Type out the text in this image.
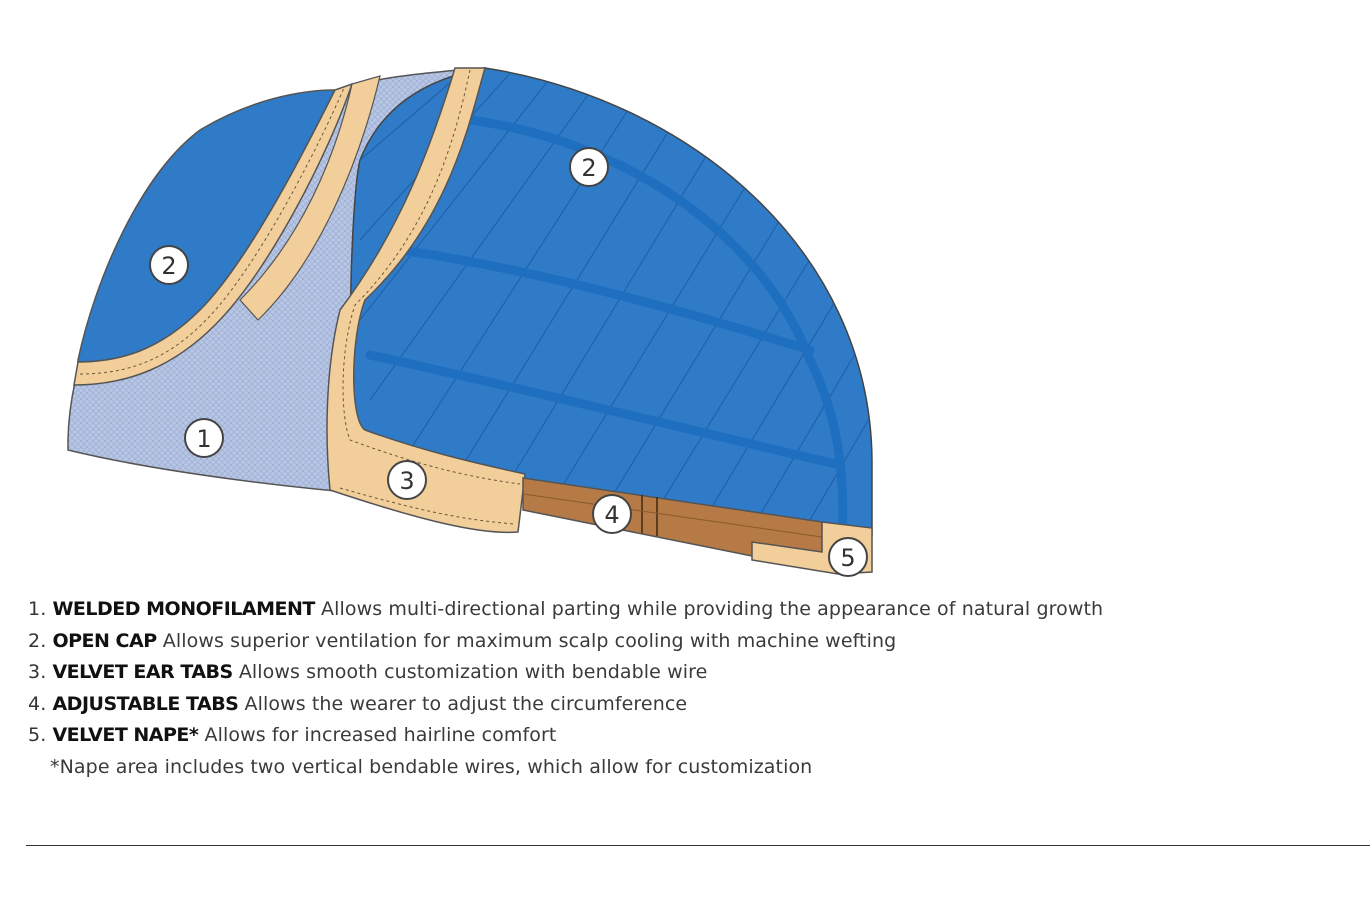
1
2
2
3
4
5
1. WELDED MONOFILAMENT Allows multi-directional parting while providing the appearance of natural growth
2. OPEN CAP Allows superior ventilation for maximum scalp cooling with machine wefting
3. VELVET EAR TABS Allows smooth customization with bendable wire
4. ADJUSTABLE TABS Allows the wearer to adjust the circumference
5. VELVET NAPE* Allows for increased hairline comfort
*Nape area includes two vertical bendable wires, which allow for customization
